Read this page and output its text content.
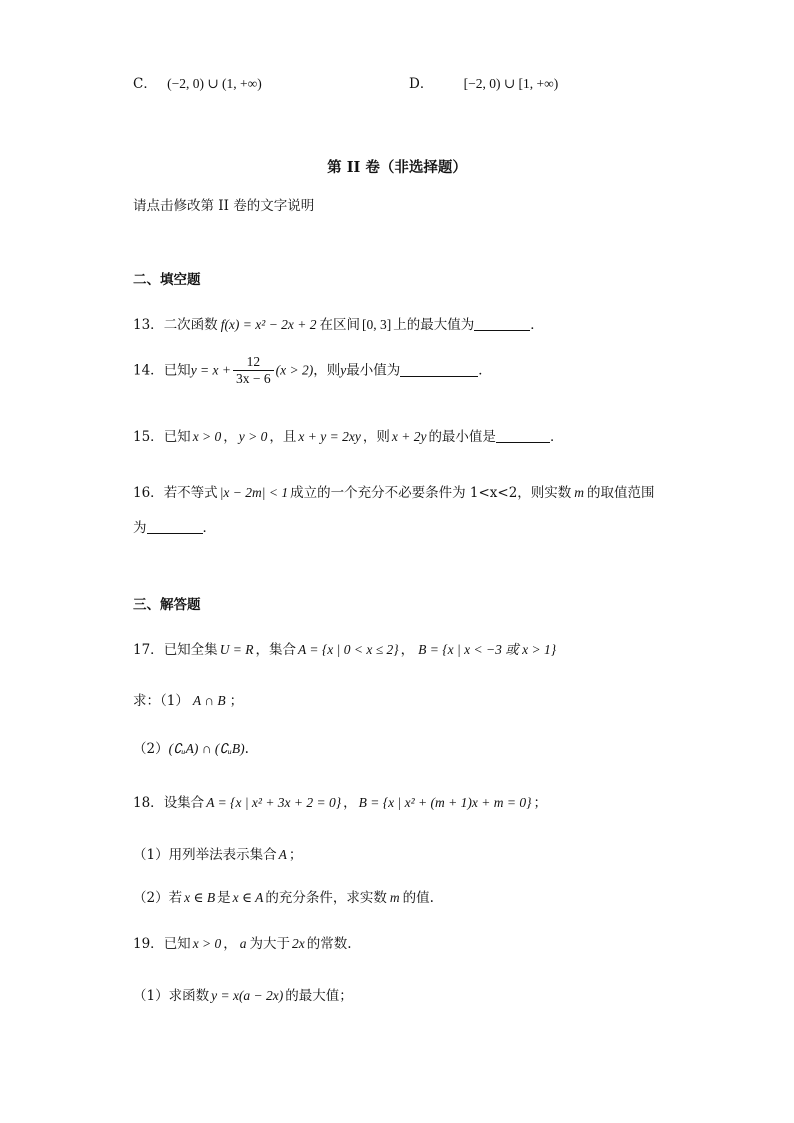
C． (−2, 0) ∪ (1, +∞)	D． [−2, 0) ∪ [1, +∞)
第 II 卷（非选择题）
请点击修改第 II 卷的文字说明
二、填空题
13．二次函数 f(x) = x² − 2x + 2 在区间 [0, 3] 上的最大值为	．
14．已知$y = x + \frac{12}{3x - 6} (x > 2)$，则y最小值为	．
15．已知 x > 0 ， y > 0 ，且 x + y = 2xy ，则 x + 2y 的最小值是	．
16．若不等式 |x − 2m| < 1 成立的一个充分不必要条件为 1<x<2，则实数 m 的取值范围
为	．
三、解答题
17．已知全集 U = R ，集合 A = {x | 0 < x ≤ 2} ， B = {x | x < −3 或 x > 1}
求：（1） A ∩ B ；
（2）(∁ᵤA) ∩ (∁ᵤB).
18．设集合 A = {x | x² + 3x + 2 = 0} ， B = {x | x² + (m + 1)x + m = 0} ；
（1）用列举法表示集合 A ；
（2）若 x ∈ B 是 x ∈ A 的充分条件，求实数 m 的值.
19．已知 x > 0 ， a 为大于 2x 的常数.
（1）求函数 y = x(a − 2x) 的最大值；
